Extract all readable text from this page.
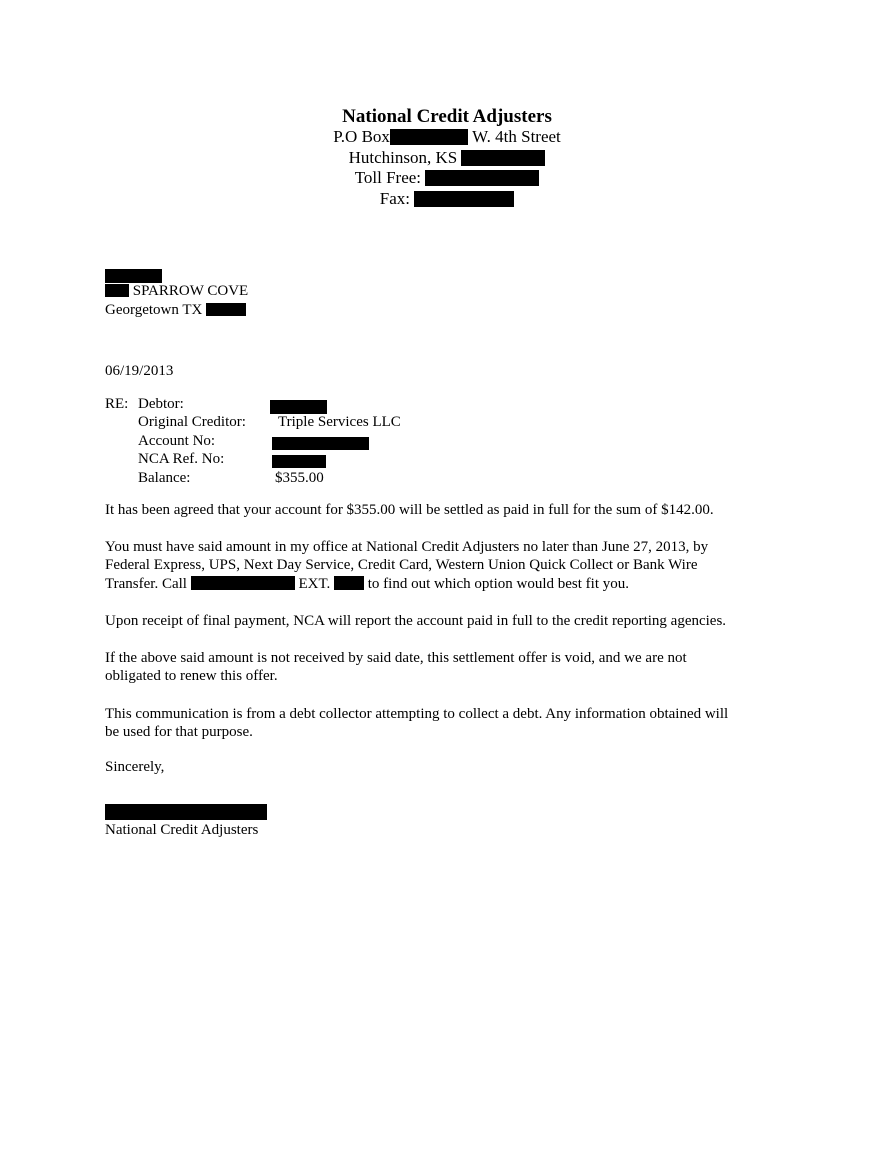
National Credit Adjusters
P.O Box	W. 4th Street
Hutchinson, KS
Toll Free:
Fax:
SPARROW COVE
Georgetown TX
06/19/2013
RE: Debtor:
Original Creditor: Triple Services LLC
Account No:
NCA Ref. No:
Balance:	$355.00
It has been agreed that your account for $355.00 will be settled as paid in full for the sum of $142.00.
You must have said amount in my office at National Credit Adjusters no later than June 27, 2013, by
Federal Express, UPS, Next Day Service, Credit Card, Western Union Quick Collect or Bank Wire
Transfer. Call	EXT.	to find out which option would best fit you.
Upon receipt of final payment, NCA will report the account paid in full to the credit reporting agencies.
If the above said amount is not received by said date, this settlement offer is void, and we are not
obligated to renew this offer.
This communication is from a debt collector attempting to collect a debt. Any information obtained will
be used for that purpose.
Sincerely,
National Credit Adjusters
